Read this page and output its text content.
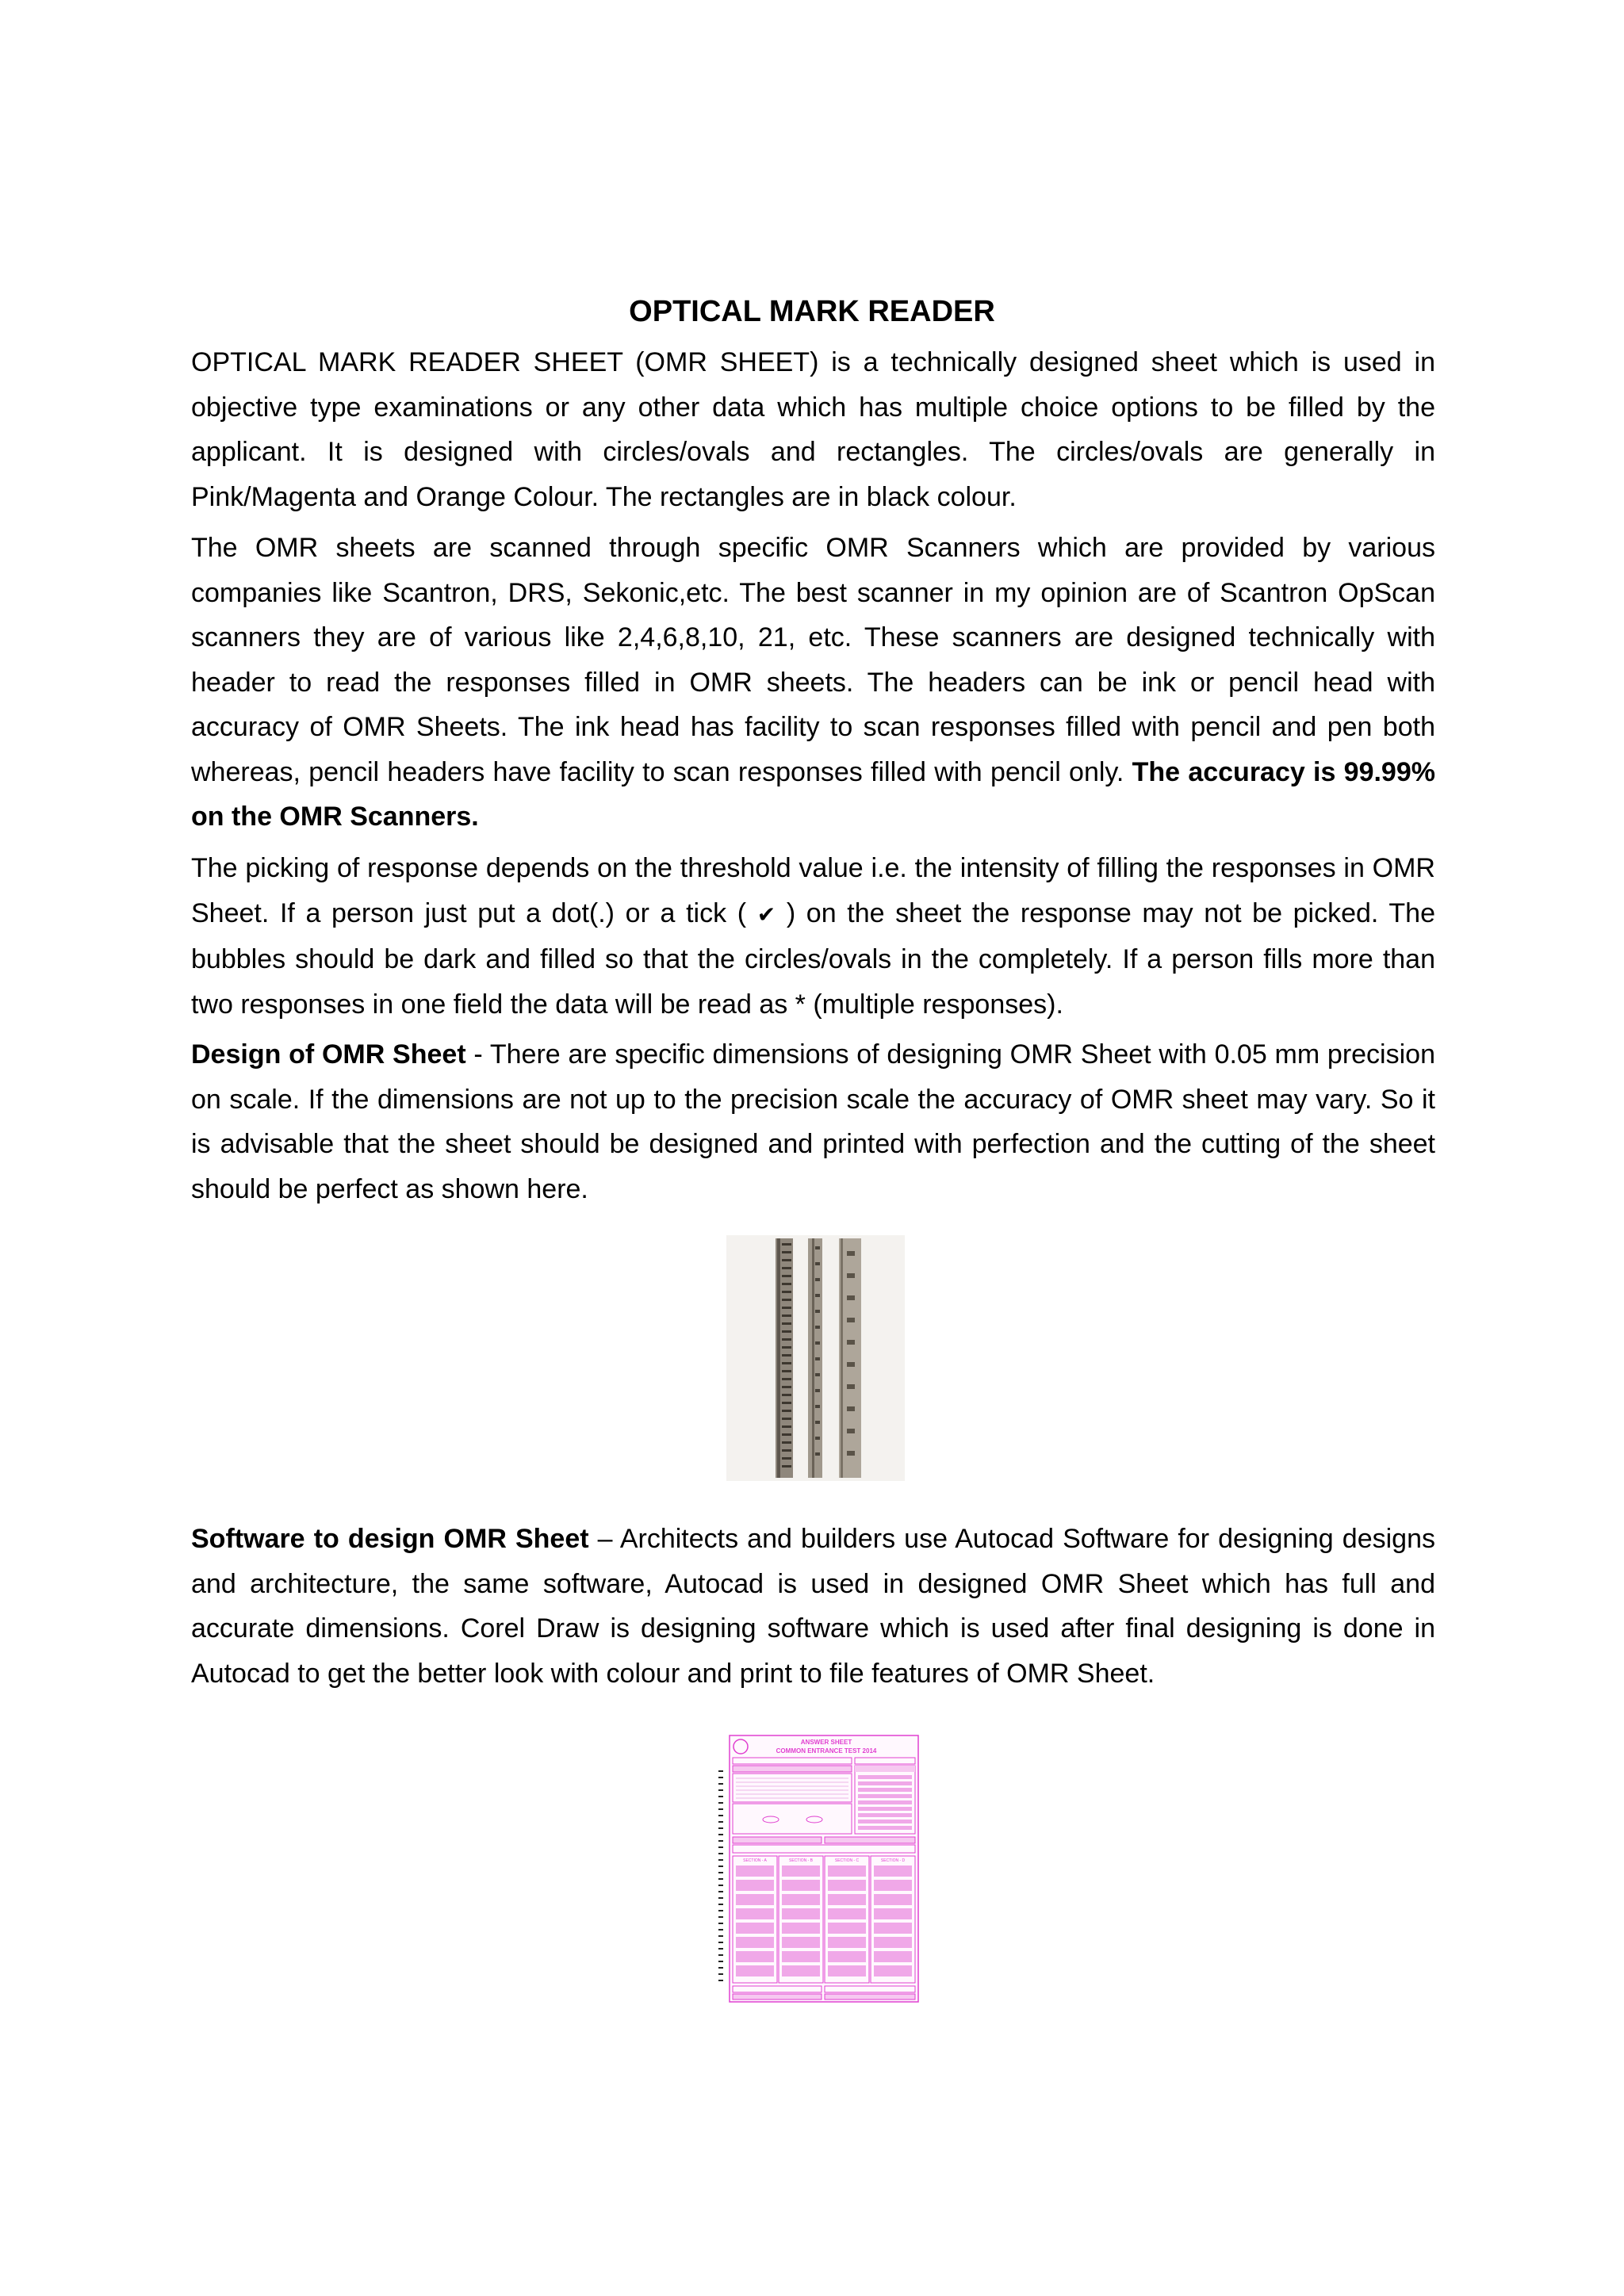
OPTICAL MARK READER

OPTICAL MARK READER SHEET (OMR SHEET) is a technically designed sheet which is used in objective type examinations or any other data which has multiple choice options to be filled by the applicant. It is designed with circles/ovals and rectangles. The circles/ovals are generally in Pink/Magenta and Orange Colour. The rectangles are in black colour.

The OMR sheets are scanned through specific OMR Scanners which are provided by various companies like Scantron, DRS, Sekonic,etc. The best scanner in my opinion are of Scantron OpScan scanners they are of various like 2,4,6,8,10, 21, etc. These scanners are designed technically with header to read the responses filled in OMR sheets. The headers can be ink or pencil head with accuracy of OMR Sheets. The ink head has facility to scan responses filled with pencil and pen both whereas, pencil headers have facility to scan responses filled with pencil only. The accuracy is 99.99% on the OMR Scanners.

The picking of response depends on the threshold value i.e. the intensity of filling the responses in OMR Sheet. If a person just put a dot(.) or a tick ( ✔ ) on the sheet the response may not be picked. The bubbles should be dark and filled so that the circles/ovals in the completely. If a person fills more than two responses in one field the data will be read as * (multiple responses).

Design of OMR Sheet - There are specific dimensions of designing OMR Sheet with 0.05 mm precision on scale. If the dimensions are not up to the precision scale the accuracy of OMR sheet may vary. So it is advisable that the sheet should be designed and printed with perfection and the cutting of the sheet should be perfect as shown here.

Software to design OMR Sheet – Architects and builders use Autocad Software for designing designs and architecture, the same software, Autocad is used in designed OMR Sheet which has full and accurate dimensions. Corel Draw is designing software which is used after final designing is done in Autocad to get the better look with colour and print to file features of OMR Sheet.

ANSWER SHEET
COMMON ENTRANCE TEST 2014
SECTION - A	SECTION - B	SECTION - C	SECTION - D
